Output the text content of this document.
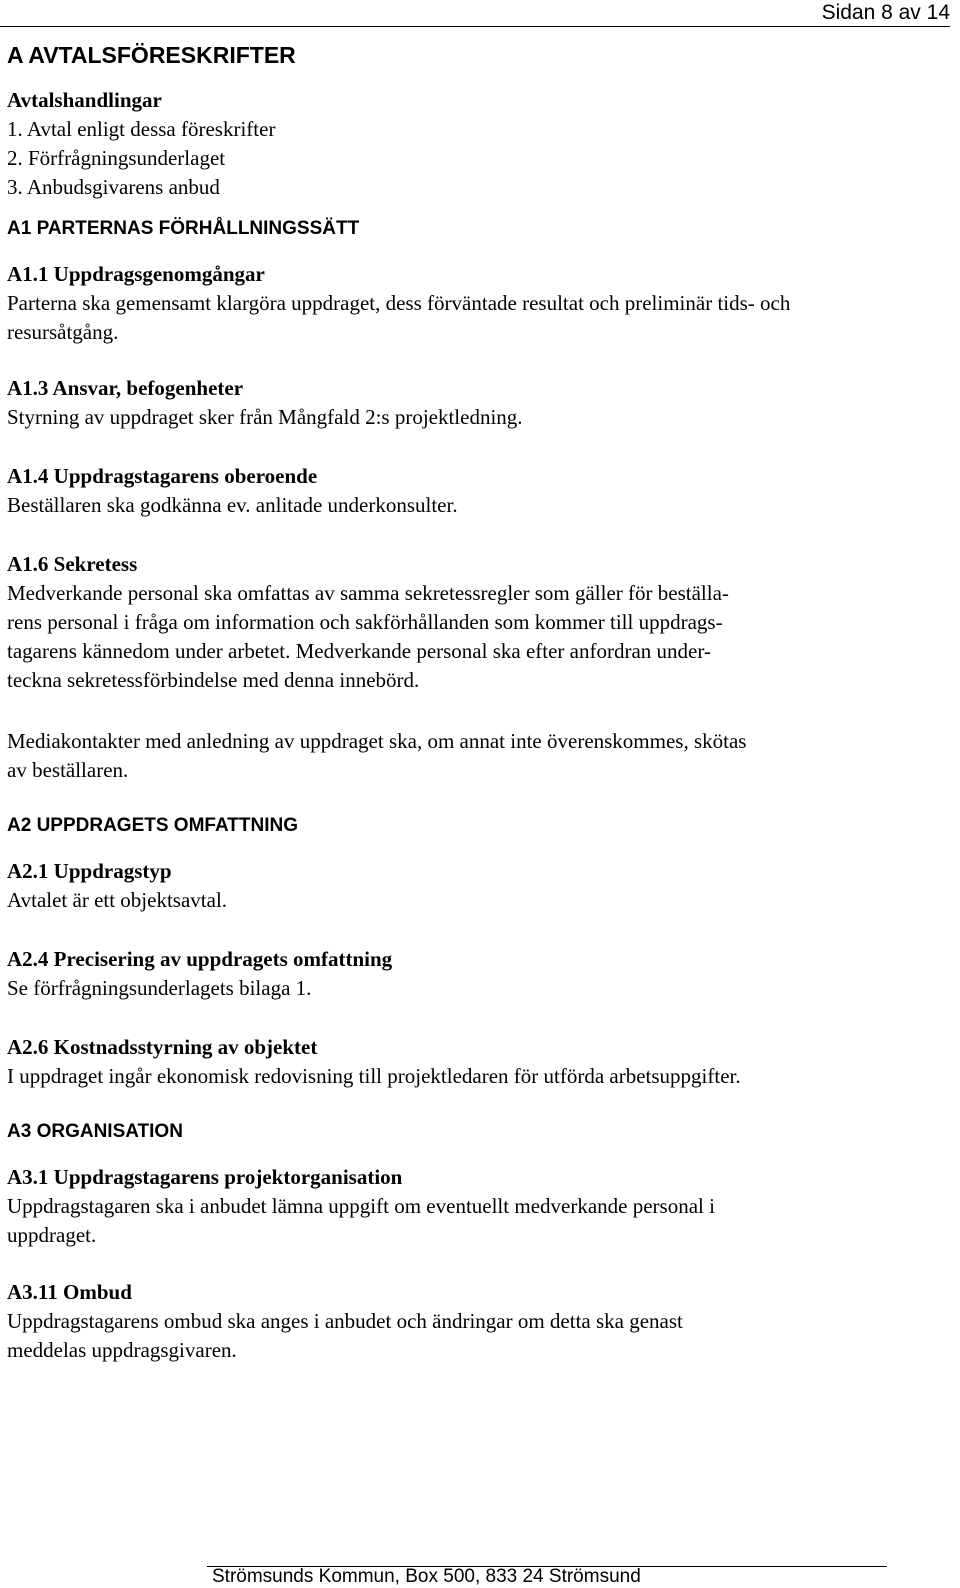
Sidan 8 av 14
A AVTALSFÖRESKRIFTER
Avtalshandlingar
1. Avtal enligt dessa föreskrifter
2. Förfrågningsunderlaget
3. Anbudsgivarens anbud
A1 PARTERNAS FÖRHÅLLNINGSSÄTT
A1.1 Uppdragsgenomgångar
Parterna ska gemensamt klargöra uppdraget, dess förväntade resultat och preliminär tids- och resursåtgång.
A1.3 Ansvar, befogenheter
Styrning av uppdraget sker från Mångfald 2:s projektledning.
A1.4 Uppdragstagarens oberoende
Beställaren ska godkänna ev. anlitade underkonsulter.
A1.6 Sekretess
Medverkande personal ska omfattas av samma sekretessregler som gäller för beställa-
rens personal i fråga om information och sakförhållanden som kommer till uppdrags-
tagarens kännedom under arbetet. Medverkande personal ska efter anfordran under-
teckna sekretessförbindelse med denna innebörd.
Mediakontakter med anledning av uppdraget ska, om annat inte överenskommes, skötas
av beställaren.
A2 UPPDRAGETS OMFATTNING
A2.1 Uppdragstyp
Avtalet är ett objektsavtal.
A2.4 Precisering av uppdragets omfattning
Se förfrågningsunderlagets bilaga 1.
A2.6 Kostnadsstyrning av objektet
I uppdraget ingår ekonomisk redovisning till projektledaren för utförda arbetsuppgifter.
A3 ORGANISATION
A3.1 Uppdragstagarens projektorganisation
Uppdragstagaren ska i anbudet lämna uppgift om eventuellt medverkande personal i
uppdraget.
A3.11 Ombud
Uppdragstagarens ombud ska anges i anbudet och ändringar om detta ska genast
meddelas uppdragsgivaren.
Strömsunds Kommun, Box 500, 833 24 Strömsund
